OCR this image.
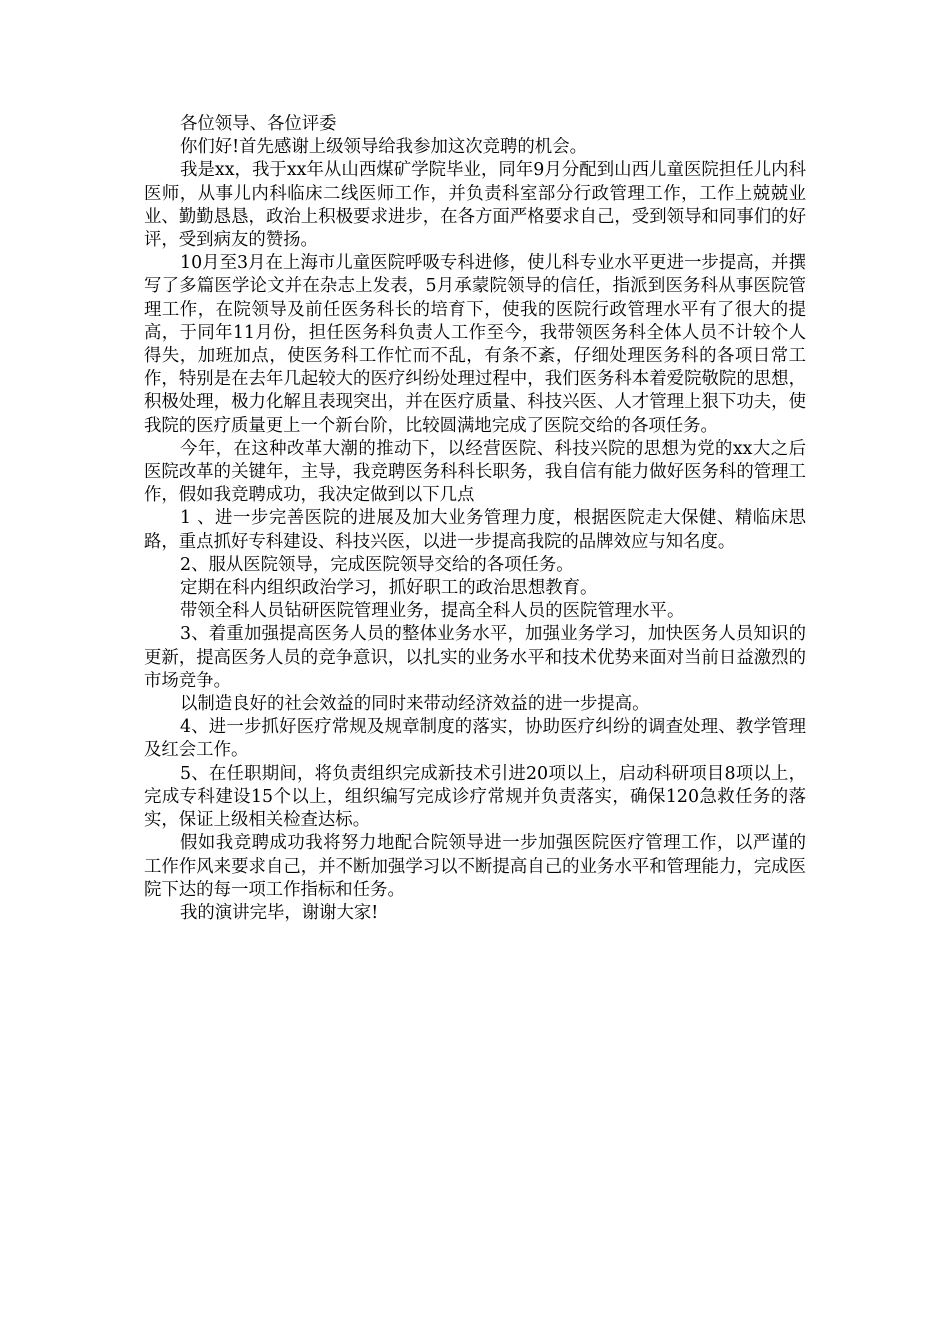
各位领导、各位评委

你们好!首先感谢上级领导给我参加这次竞聘的机会。

我是xx，我于xx年从山西煤矿学院毕业，同年9月分配到山西儿童医院担任儿内科医师，从事儿内科临床二线医师工作，并负责科室部分行政管理工作，工作上兢兢业业、勤勤恳恳，政治上积极要求进步，在各方面严格要求自己，受到领导和同事们的好评，受到病友的赞扬。

10月至3月在上海市儿童医院呼吸专科进修，使儿科专业水平更进一步提高，并撰写了多篇医学论文并在杂志上发表，5月承蒙院领导的信任，指派到医务科从事医院管理工作，在院领导及前任医务科长的培育下，使我的医院行政管理水平有了很大的提高，于同年11月份，担任医务科负责人工作至今，我带领医务科全体人员不计较个人得失，加班加点，使医务科工作忙而不乱，有条不紊，仔细处理医务科的各项日常工作，特别是在去年几起较大的医疗纠纷处理过程中，我们医务科本着爱院敬院的思想，积极处理，极力化解且表现突出，并在医疗质量、科技兴医、人才管理上狠下功夫，使我院的医疗质量更上一个新台阶，比较圆满地完成了医院交给的各项任务。

今年，在这种改革大潮的推动下，以经营医院、科技兴院的思想为党的xx大之后医院改革的关键年，主导，我竞聘医务科科长职务，我自信有能力做好医务科的管理工作，假如我竞聘成功，我决定做到以下几点

1 、进一步完善医院的进展及加大业务管理力度，根据医院走大保健、精临床思路，重点抓好专科建设、科技兴医，以进一步提高我院的品牌效应与知名度。

2、服从医院领导，完成医院领导交给的各项任务。

定期在科内组织政治学习，抓好职工的政治思想教育。

带领全科人员钻研医院管理业务，提高全科人员的医院管理水平。

3、着重加强提高医务人员的整体业务水平，加强业务学习，加快医务人员知识的更新，提高医务人员的竞争意识，以扎实的业务水平和技术优势来面对当前日益激烈的市场竞争。

以制造良好的社会效益的同时来带动经济效益的进一步提高。

4、进一步抓好医疗常规及规章制度的落实，协助医疗纠纷的调查处理、教学管理及红会工作。

5、在任职期间，将负责组织完成新技术引进20项以上，启动科研项目8项以上，完成专科建设15个以上，组织编写完成诊疗常规并负责落实，确保120急救任务的落实，保证上级相关检查达标。

假如我竞聘成功我将努力地配合院领导进一步加强医院医疗管理工作，以严谨的工作作风来要求自己，并不断加强学习以不断提高自己的业务水平和管理能力，完成医院下达的每一项工作指标和任务。

我的演讲完毕，谢谢大家!
